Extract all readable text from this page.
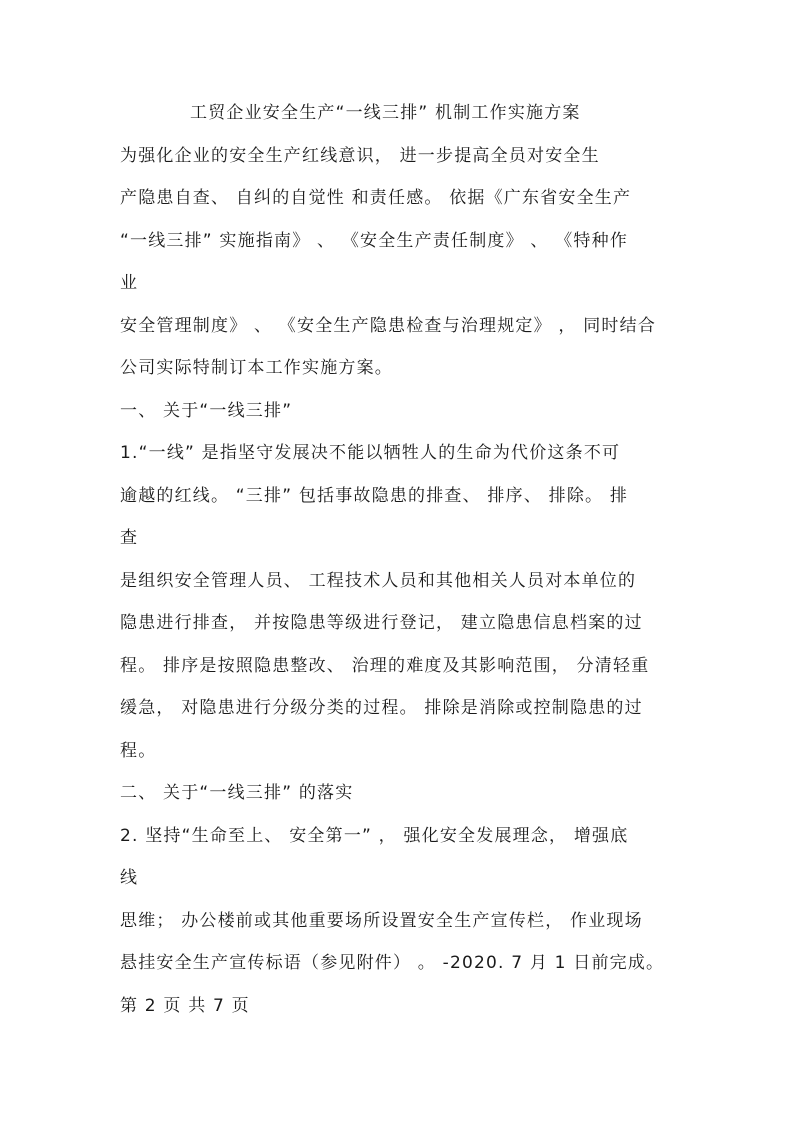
工贸企业安全生产“一线三排” 机制工作实施方案
为强化企业的安全生产红线意识， 进一步提高全员对安全生
产隐患自查、 自纠的自觉性 和责任感。 依据《广东省安全生产
“一线三排” 实施指南》 、 《安全生产责任制度》 、 《特种作
业
安全管理制度》 、 《安全生产隐患检查与治理规定》 ， 同时结合
公司实际特制订本工作实施方案。
一、 关于“一线三排”
1.“一线” 是指坚守发展决不能以牺牲人的生命为代价这条不可
逾越的红线。 “三排” 包括事故隐患的排查、 排序、 排除。 排
查
是组织安全管理人员、 工程技术人员和其他相关人员对本单位的
隐患进行排查， 并按隐患等级进行登记， 建立隐患信息档案的过
程。 排序是按照隐患整改、 治理的难度及其影响范围， 分清轻重
缓急， 对隐患进行分级分类的过程。 排除是消除或控制隐患的过
程。
二、 关于“一线三排” 的落实
2. 坚持“生命至上、 安全第一” ， 强化安全发展理念， 增强底
线
思维； 办公楼前或其他重要场所设置安全生产宣传栏， 作业现场
悬挂安全生产宣传标语（参见附件） 。 -2020. 7 月 1 日前完成。
第 2 页 共 7 页
